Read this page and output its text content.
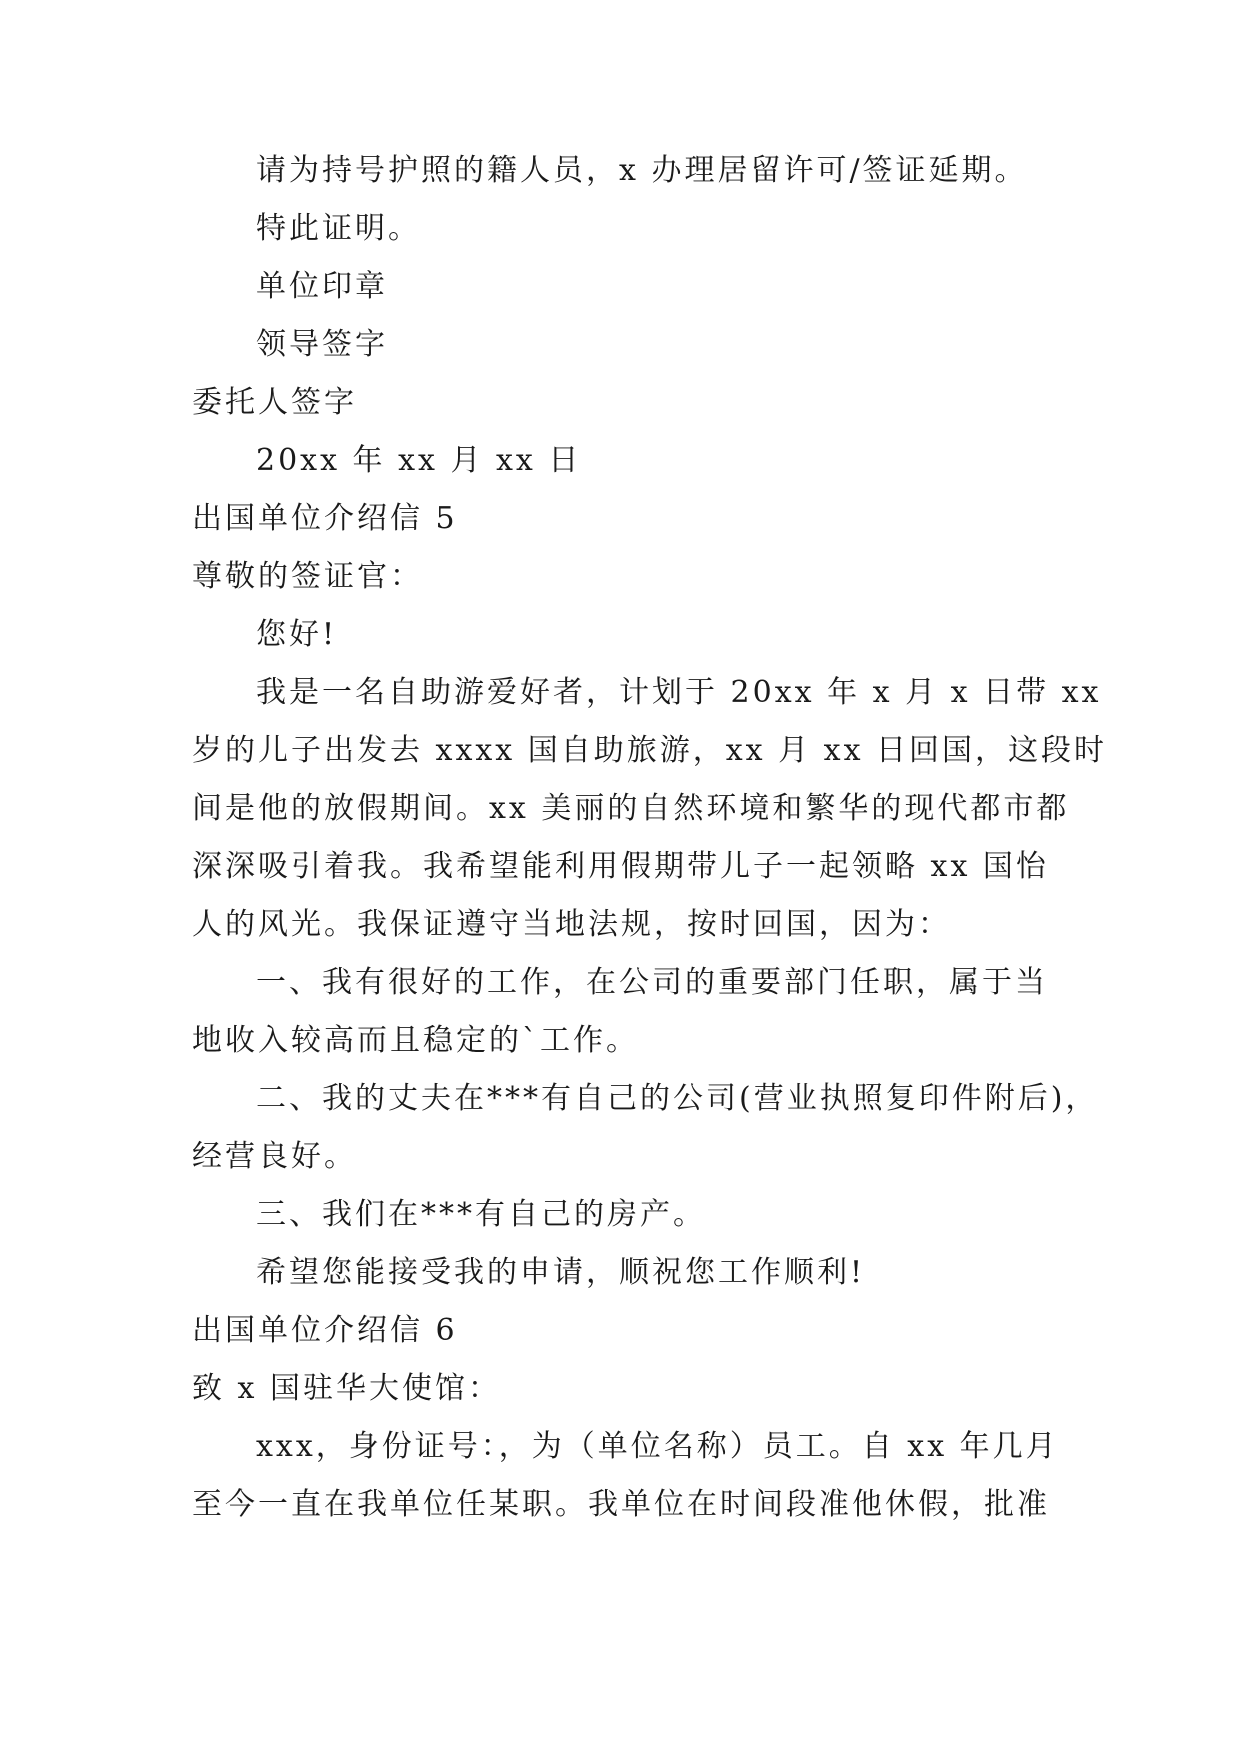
请为持号护照的籍人员，x 办理居留许可/签证延期。
特此证明。
单位印章
领导签字
委托人签字
20xx 年 xx 月 xx 日
出国单位介绍信 5
尊敬的签证官：
您好!
我是一名自助游爱好者，计划于 20xx 年 x 月 x 日带 xx
岁的儿子出发去 xxxx 国自助旅游，xx 月 xx 日回国，这段时
间是他的放假期间。xx 美丽的自然环境和繁华的现代都市都
深深吸引着我。我希望能利用假期带儿子一起领略 xx 国怡
人的风光。我保证遵守当地法规，按时回国，因为：
一、我有很好的工作，在公司的重要部门任职，属于当
地收入较高而且稳定的`工作。
二、我的丈夫在***有自己的公司(营业执照复印件附后)，
经营良好。
三、我们在***有自己的房产。
希望您能接受我的申请，顺祝您工作顺利!
出国单位介绍信 6
致 x 国驻华大使馆：
xxx，身份证号：，为（单位名称）员工。自 xx 年几月
至今一直在我单位任某职。我单位在时间段准他休假，批准
